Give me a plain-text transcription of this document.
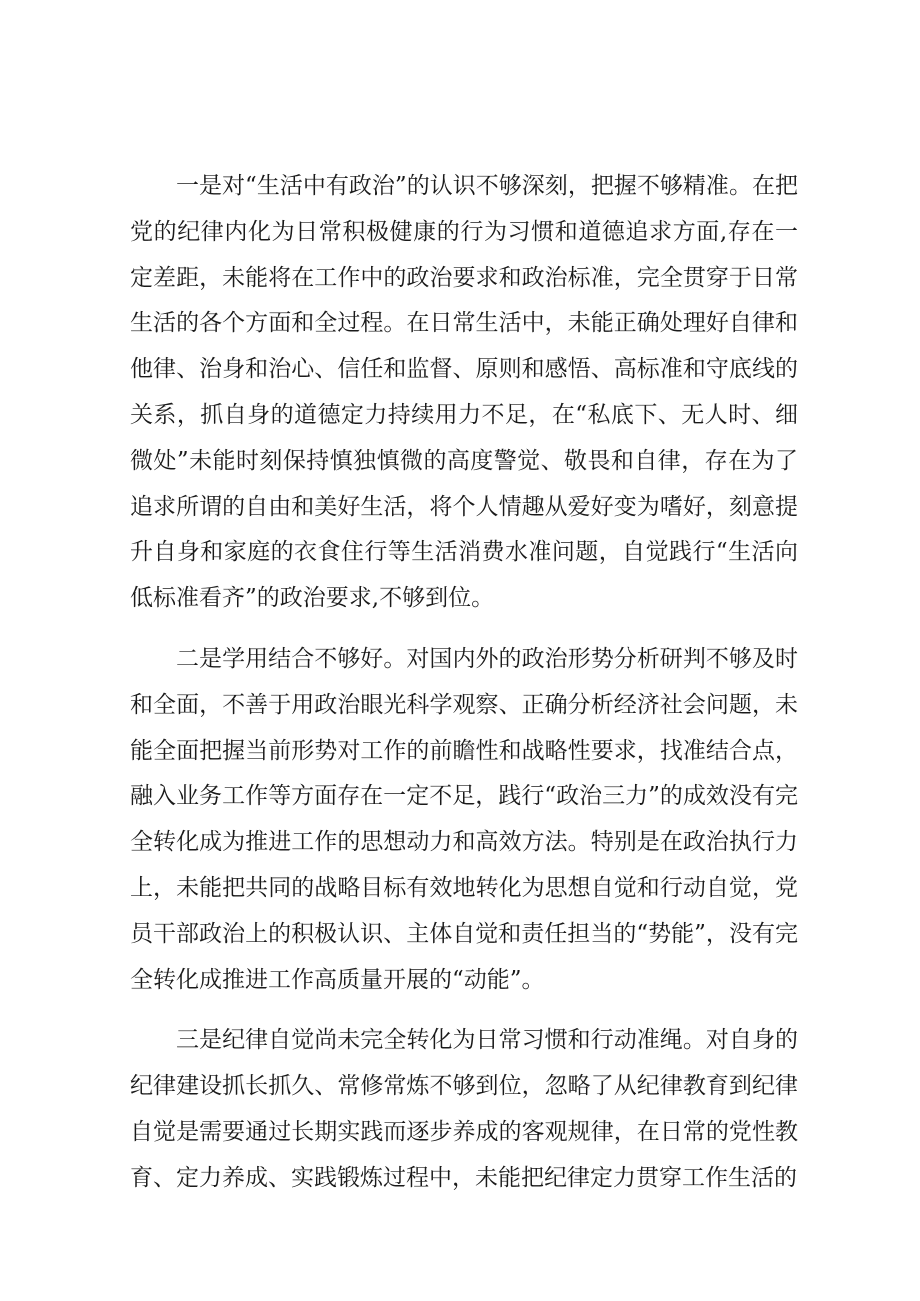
一是对“生活中有政治”的认识不够深刻，把握不够精准。在把党的纪律内化为日常积极健康的行为习惯和道德追求方面,存在一定差距，未能将在工作中的政治要求和政治标准，完全贯穿于日常生活的各个方面和全过程。在日常生活中，未能正确处理好自律和他律、治身和治心、信任和监督、原则和感悟、高标准和守底线的关系，抓自身的道德定力持续用力不足，在“私底下、无人时、细微处”未能时刻保持慎独慎微的高度警觉、敬畏和自律，存在为了追求所谓的自由和美好生活，将个人情趣从爱好变为嗜好，刻意提升自身和家庭的衣食住行等生活消费水准问题，自觉践行“生活向低标准看齐”的政治要求,不够到位。

二是学用结合不够好。对国内外的政治形势分析研判不够及时和全面，不善于用政治眼光科学观察、正确分析经济社会问题，未能全面把握当前形势对工作的前瞻性和战略性要求，找准结合点，融入业务工作等方面存在一定不足，践行“政治三力”的成效没有完全转化成为推进工作的思想动力和高效方法。特别是在政治执行力上，未能把共同的战略目标有效地转化为思想自觉和行动自觉，党员干部政治上的积极认识、主体自觉和责任担当的“势能”，没有完全转化成推进工作高质量开展的“动能”。

三是纪律自觉尚未完全转化为日常习惯和行动准绳。对自身的纪律建设抓长抓久、常修常炼不够到位，忽略了从纪律教育到纪律自觉是需要通过长期实践而逐步养成的客观规律，在日常的党性教育、定力养成、实践锻炼过程中，未能把纪律定力贯穿工作生活的
